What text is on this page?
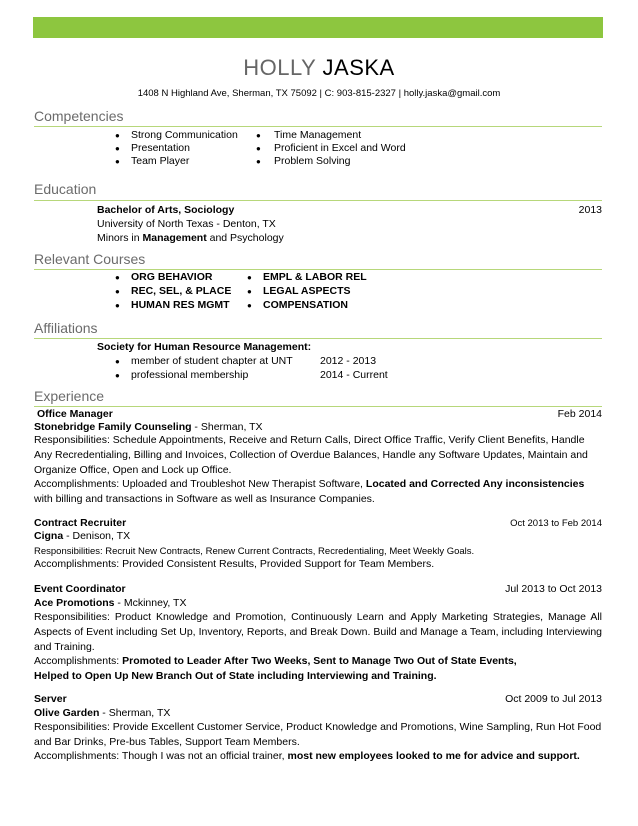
HOLLY JASKA
1408 N Highland Ave, Sherman, TX 75092 | C: 903-815-2327 | holly.jaska@gmail.com
Competencies
● Strong Communication
● Presentation
● Team Player
● Time Management
● Proficient in Excel and Word
● Problem Solving
Education
Bachelor of Arts, Sociology	2013
University of North Texas - Denton, TX
Minors in Management and Psychology
Relevant Courses
● ORG BEHAVIOR
● REC, SEL, & PLACE
● HUMAN RES MGMT
● EMPL & LABOR REL
● LEGAL ASPECTS
● COMPENSATION
Affiliations
Society for Human Resource Management:
● member of student chapter at UNT	2012 - 2013
● professional membership	2014 - Current
Experience
Office Manager	Feb 2014
Stonebridge Family Counseling - Sherman, TX
Responsibilities: Schedule Appointments, Receive and Return Calls, Direct Office Traffic, Verify Client Benefits, Handle Any Recredentialing, Billing and Invoices, Collection of Overdue Balances, Handle any Software Updates, Maintain and Organize Office, Open and Lock up Office.
Accomplishments: Uploaded and Troubleshot New Therapist Software, Located and Corrected Any inconsistencies with billing and transactions in Software as well as Insurance Companies.
Contract Recruiter	Oct 2013 to Feb 2014
Cigna - Denison, TX
Responsibilities: Recruit New Contracts, Renew Current Contracts, Recredentialing, Meet Weekly Goals.
Accomplishments: Provided Consistent Results, Provided Support for Team Members.
Event Coordinator	Jul 2013 to Oct 2013
Ace Promotions - Mckinney, TX
Responsibilities: Product Knowledge and Promotion, Continuously Learn and Apply Marketing Strategies, Manage All Aspects of Event including Set Up, Inventory, Reports, and Break Down. Build and Manage a Team, including Interviewing and Training.
Accomplishments: Promoted to Leader After Two Weeks, Sent to Manage Two Out of State Events, Helped to Open Up New Branch Out of State including Interviewing and Training.
Server	Oct 2009 to Jul 2013
Olive Garden - Sherman, TX
Responsibilities: Provide Excellent Customer Service, Product Knowledge and Promotions, Wine Sampling, Run Hot Food and Bar Drinks, Pre-bus Tables, Support Team Members.
Accomplishments: Though I was not an official trainer, most new employees looked to me for advice and support.
